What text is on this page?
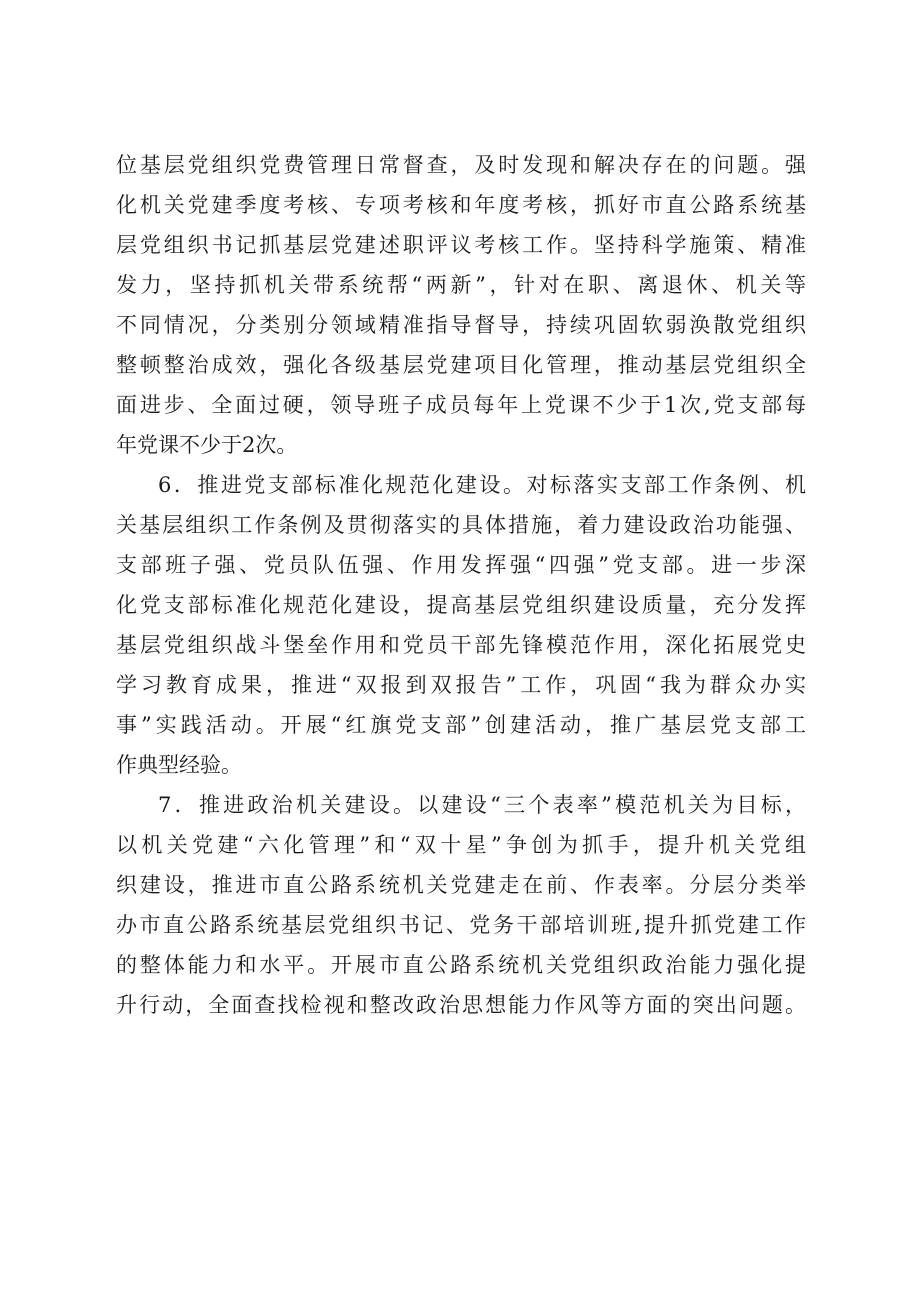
位基层党组织党费管理日常督查，及时发现和解决存在的问题。强
化机关党建季度考核、专项考核和年度考核，抓好市直公路系统基
层党组织书记抓基层党建述职评议考核工作。坚持科学施策、精准
发力，坚持抓机关带系统帮“两新”，针对在职、离退休、机关等
不同情况，分类别分领域精准指导督导，持续巩固软弱涣散党组织
整顿整治成效，强化各级基层党建项目化管理，推动基层党组织全
面进步、全面过硬，领导班子成员每年上党课不少于1次,党支部每
年党课不少于2次。
6．推进党支部标准化规范化建设。对标落实支部工作条例、机
关基层组织工作条例及贯彻落实的具体措施，着力建设政治功能强、
支部班子强、党员队伍强、作用发挥强“四强”党支部。进一步深
化党支部标准化规范化建设，提高基层党组织建设质量，充分发挥
基层党组织战斗堡垒作用和党员干部先锋模范作用，深化拓展党史
学习教育成果，推进“双报到双报告”工作，巩固“我为群众办实
事”实践活动。开展“红旗党支部”创建活动，推广基层党支部工
作典型经验。
7．推进政治机关建设。以建设“三个表率”模范机关为目标，
以机关党建“六化管理”和“双十星”争创为抓手，提升机关党组
织建设，推进市直公路系统机关党建走在前、作表率。分层分类举
办市直公路系统基层党组织书记、党务干部培训班,提升抓党建工作
的整体能力和水平。开展市直公路系统机关党组织政治能力强化提
升行动，全面查找检视和整改政治思想能力作风等方面的突出问题。
